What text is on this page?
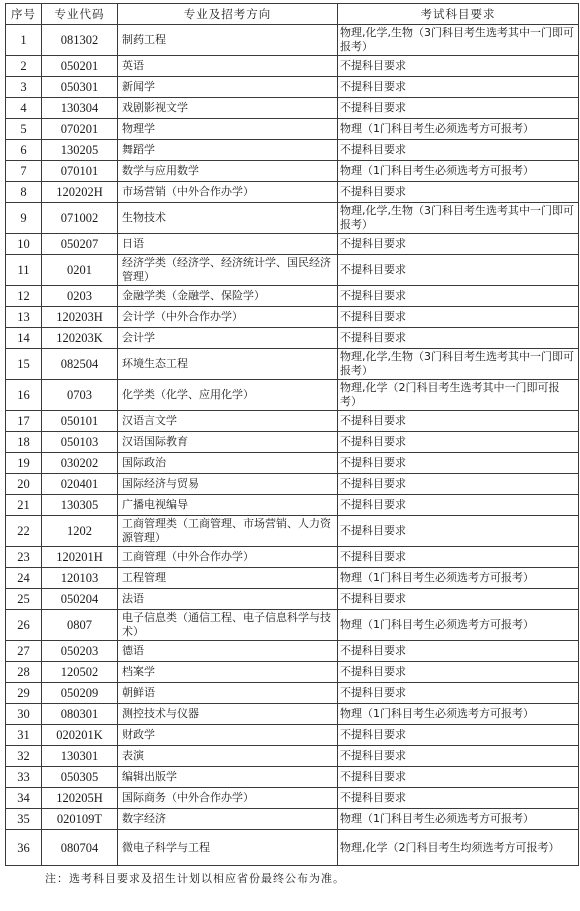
序号	专业代码	专业及招考方向	考试科目要求
1	081302	制药工程	物理,化学,生物（3门科目考生选考其中一门即可报考）
2	050201	英语	不提科目要求
3	050301	新闻学	不提科目要求
4	130304	戏剧影视文学	不提科目要求
5	070201	物理学	物理（1门科目考生必须选考方可报考）
6	130205	舞蹈学	不提科目要求
7	070101	数学与应用数学	物理（1门科目考生必须选考方可报考）
8	120202H	市场营销（中外合作办学）	不提科目要求
9	071002	生物技术	物理,化学,生物（3门科目考生选考其中一门即可报考）
10	050207	日语	不提科目要求
11	0201	经济学类（经济学、经济统计学、国民经济管理）	不提科目要求
12	0203	金融学类（金融学、保险学）	不提科目要求
13	120203H	会计学（中外合作办学）	不提科目要求
14	120203K	会计学	不提科目要求
15	082504	环境生态工程	物理,化学,生物（3门科目考生选考其中一门即可报考）
16	0703	化学类（化学、应用化学）	物理,化学（2门科目考生选考其中一门即可报考）
17	050101	汉语言文学	不提科目要求
18	050103	汉语国际教育	不提科目要求
19	030202	国际政治	不提科目要求
20	020401	国际经济与贸易	不提科目要求
21	130305	广播电视编导	不提科目要求
22	1202	工商管理类（工商管理、市场营销、人力资源管理）	不提科目要求
23	120201H	工商管理（中外合作办学）	不提科目要求
24	120103	工程管理	物理（1门科目考生必须选考方可报考）
25	050204	法语	不提科目要求
26	0807	电子信息类（通信工程、电子信息科学与技术）	物理（1门科目考生必须选考方可报考）
27	050203	德语	不提科目要求
28	120502	档案学	不提科目要求
29	050209	朝鲜语	不提科目要求
30	080301	测控技术与仪器	物理（1门科目考生必须选考方可报考）
31	020201K	财政学	不提科目要求
32	130301	表演	不提科目要求
33	050305	编辑出版学	不提科目要求
34	120205H	国际商务（中外合作办学）	不提科目要求
35	020109T	数字经济	物理（1门科目考生必须选考方可报考）
36	080704	微电子科学与工程	物理,化学（2门科目考生均须选考方可报考）
注：选考科目要求及招生计划以相应省份最终公布为准。
